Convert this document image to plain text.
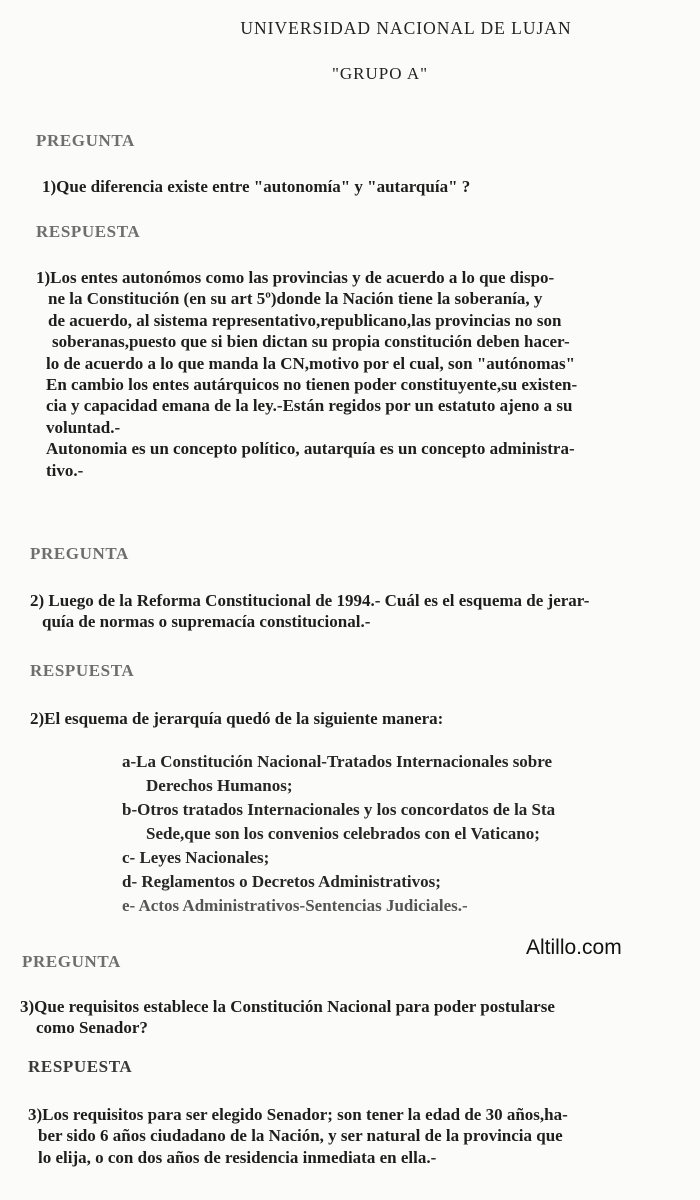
UNIVERSIDAD NACIONAL DE LUJAN
"GRUPO A"
PREGUNTA
1)Que diferencia existe entre "autonomía" y "autarquía" ?
RESPUESTA
1)Los entes autonómos como las provincias y de acuerdo a lo que dispo-
ne la Constitución (en su art 5º)donde la Nación tiene la soberanía, y
de acuerdo, al sistema representativo,republicano,las provincias no son
soberanas,puesto que si bien dictan su propia constitución deben hacer-
lo de acuerdo a lo que manda la CN,motivo por el cual, son "autónomas"
En cambio los entes autárquicos no tienen poder constituyente,su existen-
cia y capacidad emana de la ley.-Están regidos por un estatuto ajeno a su
voluntad.-
Autonomia es un concepto político, autarquía es un concepto administra-
tivo.-
PREGUNTA
2) Luego de la Reforma Constitucional de 1994.- Cuál es el esquema de jerar-
quía de normas o supremacía constitucional.-
RESPUESTA
2)El esquema de jerarquía quedó de la siguiente manera:
a-La Constitución Nacional-Tratados Internacionales sobre
Derechos Humanos;
b-Otros tratados Internacionales y los concordatos de la Sta
Sede,que son los convenios celebrados con el Vaticano;
c- Leyes Nacionales;
d- Reglamentos o Decretos Administrativos;
e- Actos Administrativos-Sentencias Judiciales.-
Altillo.com
PREGUNTA
3)Que requisitos establece la Constitución Nacional para poder postularse
como Senador?
RESPUESTA
3)Los requisitos para ser elegido Senador; son tener la edad de 30 años,ha-
ber sido 6 años ciudadano de la Nación, y ser natural de la provincia que
lo elija, o con dos años de residencia inmediata en ella.-
